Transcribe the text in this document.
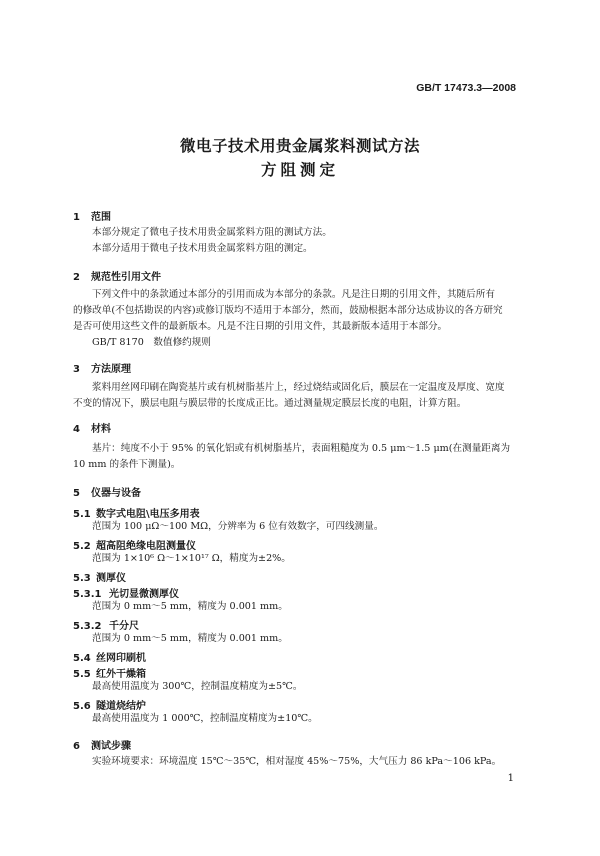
GB/T 17473.3—2008
微电子技术用贵金属浆料测试方法
方阻测定
1 范围
本部分规定了微电子技术用贵金属浆料方阻的测试方法。
本部分适用于微电子技术用贵金属浆料方阻的测定。
2 规范性引用文件
下列文件中的条款通过本部分的引用而成为本部分的条款。凡是注日期的引用文件，其随后所有
的修改单(不包括勘误的内容)或修订版均不适用于本部分，然而，鼓励根据本部分达成协议的各方研究
是否可使用这些文件的最新版本。凡是不注日期的引用文件，其最新版本适用于本部分。
GB/T 8170　数值修约规则
3 方法原理
浆料用丝网印刷在陶瓷基片或有机树脂基片上，经过烧结或固化后，膜层在一定温度及厚度、宽度
不变的情况下，膜层电阻与膜层带的长度成正比。通过测量规定膜层长度的电阻，计算方阻。
4 材料
基片：纯度不小于 95% 的氧化铝或有机树脂基片，表面粗糙度为 0.5 μm～1.5 μm(在测量距离为
10 mm 的条件下测量)。
5 仪器与设备
5.1 数字式电阻\电压多用表
范围为 100 μΩ～100 MΩ，分辨率为 6 位有效数字，可四线测量。
5.2 超高阻绝缘电阻测量仪
范围为 1×10⁶ Ω～1×10¹⁷ Ω，精度为±2%。
5.3 测厚仪
5.3.1 光切显微测厚仪
范围为 0 mm～5 mm，精度为 0.001 mm。
5.3.2 千分尺
范围为 0 mm～5 mm，精度为 0.001 mm。
5.4 丝网印刷机
5.5 红外干燥箱
最高使用温度为 300℃，控制温度精度为±5℃。
5.6 隧道烧结炉
最高使用温度为 1 000℃，控制温度精度为±10℃。
6 测试步骤
实验环境要求：环境温度 15℃～35℃，相对湿度 45%～75%，大气压力 86 kPa～106 kPa。
1
